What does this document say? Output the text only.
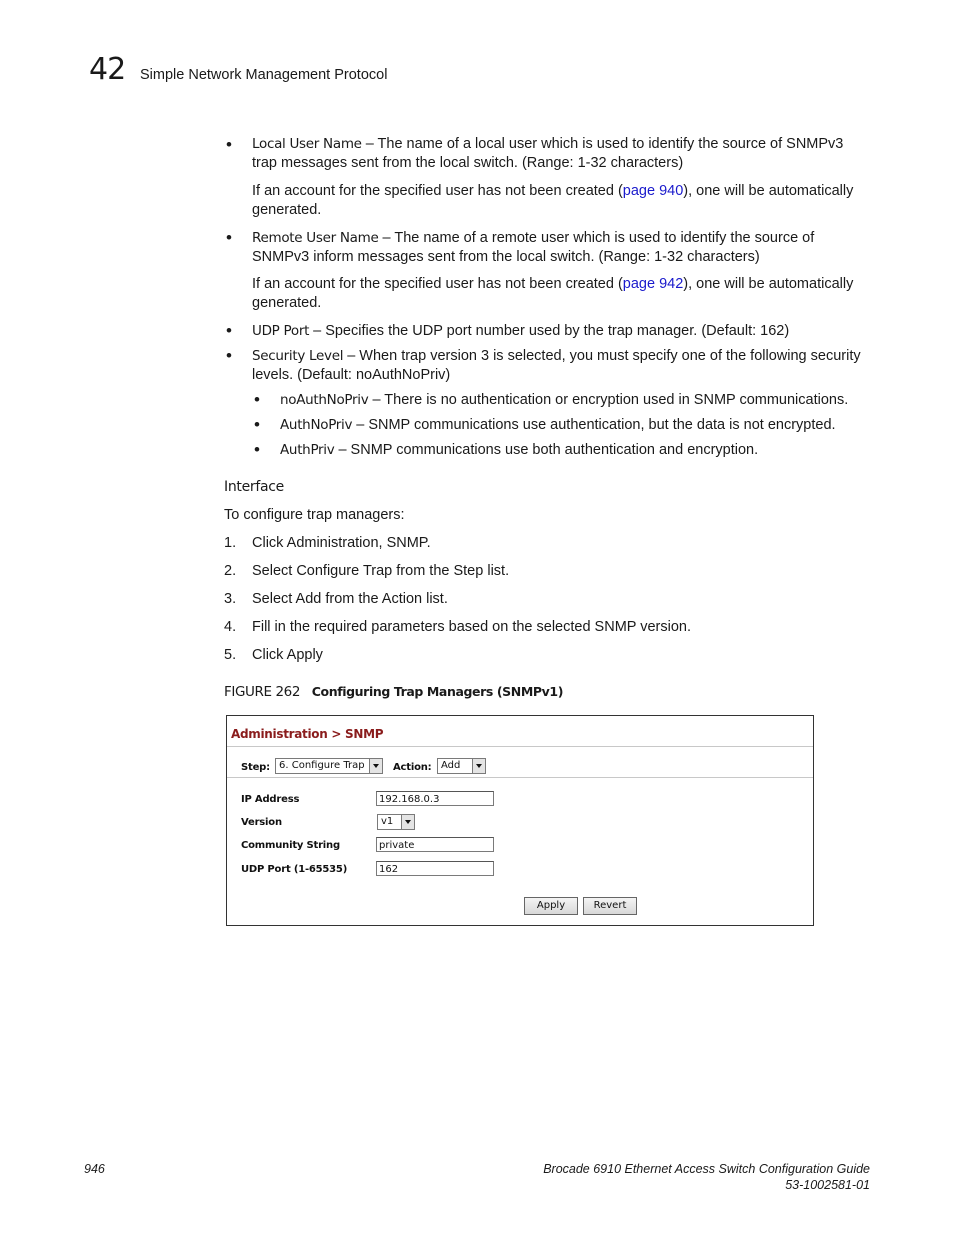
42 Simple Network Management Protocol
• Local User Name – The name of a local user which is used to identify the source of SNMPv3
trap messages sent from the local switch. (Range: 1-32 characters)
If an account for the specified user has not been created (page 940), one will be automatically
generated.
• Remote User Name – The name of a remote user which is used to identify the source of
SNMPv3 inform messages sent from the local switch. (Range: 1-32 characters)
If an account for the specified user has not been created (page 942), one will be automatically
generated.
• UDP Port – Specifies the UDP port number used by the trap manager. (Default: 162)
• Security Level – When trap version 3 is selected, you must specify one of the following security
levels. (Default: noAuthNoPriv)
• noAuthNoPriv – There is no authentication or encryption used in SNMP communications.
• AuthNoPriv – SNMP communications use authentication, but the data is not encrypted.
• AuthPriv – SNMP communications use both authentication and encryption.
Interface
To configure trap managers:
1. Click Administration, SNMP.
2. Select Configure Trap from the Step list.
3. Select Add from the Action list.
4. Fill in the required parameters based on the selected SNMP version.
5. Click Apply
FIGURE 262 Configuring Trap Managers (SNMPv1)
Administration > SNMP
Step: 6. Configure Trap	Action: Add
IP Address	192.168.0.3
Version	v1
Community String	private
UDP Port (1-65535)	162
Apply	Revert
946	Brocade 6910 Ethernet Access Switch Configuration Guide
53-1002581-01
